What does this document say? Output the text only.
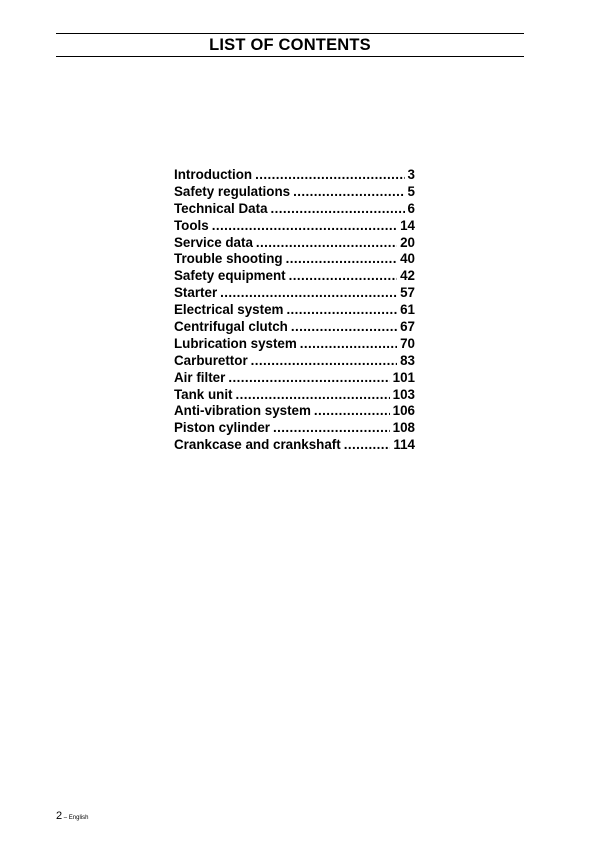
LIST OF CONTENTS
Introduction .....	3
Safety regulations .....	5
Technical Data .....	6
Tools .....	14
Service data .....	20
Trouble shooting .....	40
Safety equipment .....	42
Starter .....	57
Electrical system .....	61
Centrifugal clutch .....	67
Lubrication system .....	70
Carburettor .....	83
Air filter .....	101
Tank unit .....	103
Anti-vibration system .....	106
Piston cylinder .....	108
Crankcase and crankshaft .....	114
2 – English
